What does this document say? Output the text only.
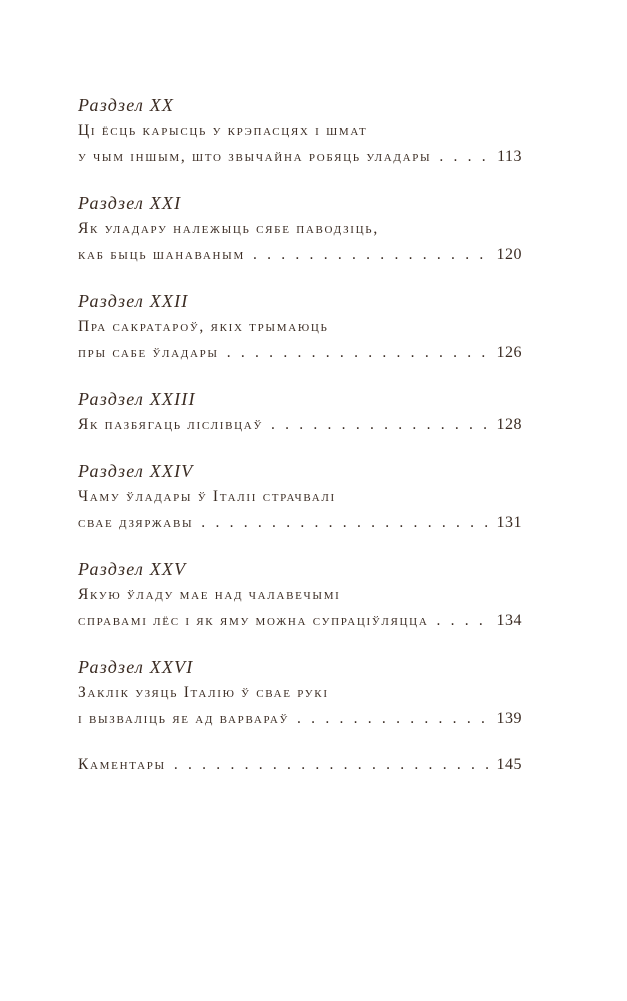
Раздзел XX
Ці ёсць карысць у крэпасцях і шмат
у чым іншым, што звычайна робяць уладары . . .	113
Раздзел XXI
Як уладару належыць сябе паводзіць,
каб быць шанаваным . . .	120
Раздзел XXII
Пра сакратароў, якіх трымаюць
пры сабе ўладары . . .	126
Раздзел XXIII
Як пазбягаць ліслівцаў . . .	128
Раздзел XXIV
Чаму ўладары ў Італіі страчвалі
свае дзяржавы . . .	131
Раздзел XXV
Якую ўладу мае над чалавечымі
справамі лёс і як яму можна супрацiўляцца . . .	134
Раздзел XXVI
Заклік узяць Італію ў свае рукі
і вызваліць яе ад варвараў . . .	139
Каментары . . .	145
